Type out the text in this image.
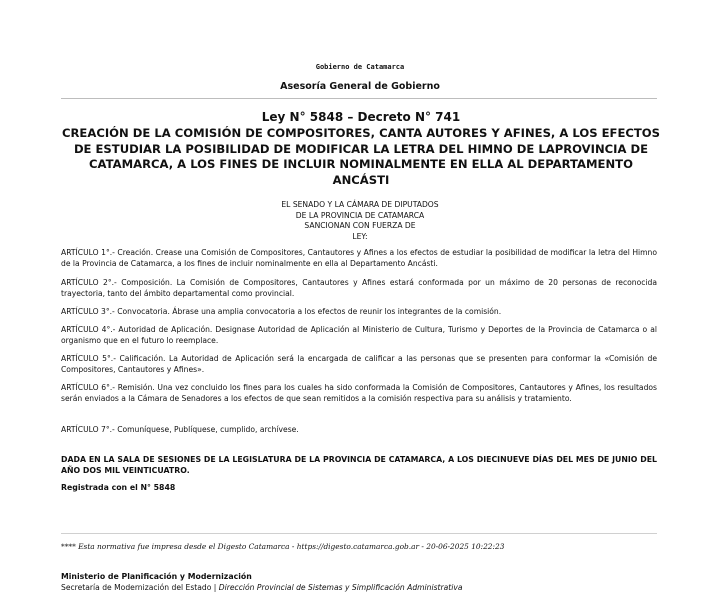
Gobierno de Catamarca
Asesoría General de Gobierno
Ley N° 5848 – Decreto N° 741
CREACIÓN DE LA COMISIÓN DE COMPOSITORES, CANTA AUTORES Y AFINES, A LOS EFECTOS DE ESTUDIAR LA POSIBILIDAD DE MODIFICAR LA LETRA DEL HIMNO DE LAPROVINCIA DE CATAMARCA, A LOS FINES DE INCLUIR NOMINALMENTE EN ELLA AL DEPARTAMENTO ANCÁSTI
EL SENADO Y LA CÁMARA DE DIPUTADOS
DE LA PROVINCIA DE CATAMARCA
SANCIONAN CON FUERZA DE
LEY:
ARTÍCULO 1°.- Creación. Crease una Comisión de Compositores, Cantautores y Afines a los efectos de estudiar la posibilidad de modificar la letra del Himno de la Provincia de Catamarca, a los fines de incluir nominalmente en ella al Departamento Ancásti.
ARTÍCULO 2°.- Composición. La Comisión de Compositores, Cantautores y Afines estará conformada por un máximo de 20 personas de reconocida trayectoria, tanto del ámbito departamental como provincial.
ARTÍCULO 3°.- Convocatoria. Ábrase una amplia convocatoria a los efectos de reunir los integrantes de la comisión.
ARTÍCULO 4°.- Autoridad de Aplicación. Designase Autoridad de Aplicación al Ministerio de Cultura, Turismo y Deportes de la Provincia de Catamarca o al organismo que en el futuro lo reemplace.
ARTÍCULO 5°.- Calificación. La Autoridad de Aplicación será la encargada de calificar a las personas que se presenten para conformar la «Comisión de Compositores, Cantautores y Afines».
ARTÍCULO 6°.- Remisión. Una vez concluido los fines para los cuales ha sido conformada la Comisión de Compositores, Cantautores y Afines, los resultados serán enviados a la Cámara de Senadores a los efectos de que sean remitidos a la comisión respectiva para su análisis y tratamiento.
ARTÍCULO 7°.- Comuníquese, Publíquese, cumplido, archívese.
DADA EN LA SALA DE SESIONES DE LA LEGISLATURA DE LA PROVINCIA DE CATAMARCA, A LOS DIECINUEVE DÍAS DEL MES DE JUNIO DEL AÑO DOS MIL VEINTICUATRO.
Registrada con el N° 5848
**** Esta normativa fue impresa desde el Digesto Catamarca - https://digesto.catamarca.gob.ar - 20-06-2025 10:22:23
Ministerio de Planificación y Modernización
Secretaría de Modernización del Estado | Dirección Provincial de Sistemas y Simplificación Administrativa
